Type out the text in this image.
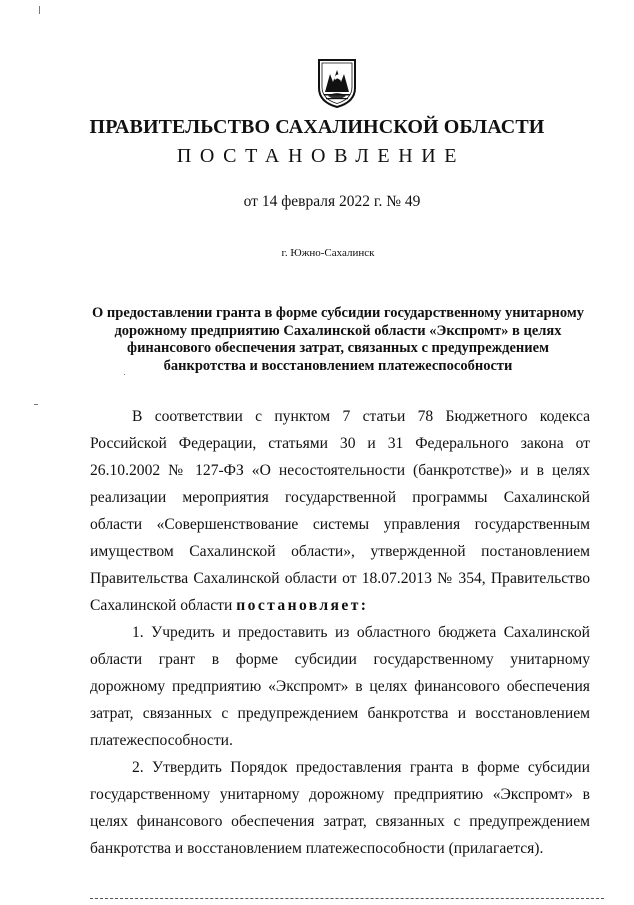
ПРАВИТЕЛЬСТВО САХАЛИНСКОЙ ОБЛАСТИ
ПОСТАНОВЛЕНИЕ
от 14 февраля 2022 г. № 49
г. Южно-Сахалинск
О предоставлении гранта в форме субсидии государственному унитарному дорожному предприятию Сахалинской области «Экспромт» в целях финансового обеспечения затрат, связанных с предупреждением банкротства и восстановлением платежеспособности

В соответствии с пунктом 7 статьи 78 Бюджетного кодекса Российской Федерации, статьями 30 и 31 Федерального закона от 26.10.2002 № 127-ФЗ «О несостоятельности (банкротстве)» и в целях реализации мероприятия государственной программы Сахалинской области «Совершенствование системы управления государственным имуществом Сахалинской области», утвержденной постановлением Правительства Сахалинской области от 18.07.2013 № 354, Правительство Сахалинской области постановляет:

1. Учредить и предоставить из областного бюджета Сахалинской области грант в форме субсидии государственному унитарному дорожному предприятию «Экспромт» в целях финансового обеспечения затрат, связанных с предупреждением банкротства и восстановлением платежеспособности.

2. Утвердить Порядок предоставления гранта в форме субсидии государственному унитарному дорожному предприятию «Экспромт» в целях финансового обеспечения затрат, связанных с предупреждением банкротства и восстановлением платежеспособности (прилагается).
